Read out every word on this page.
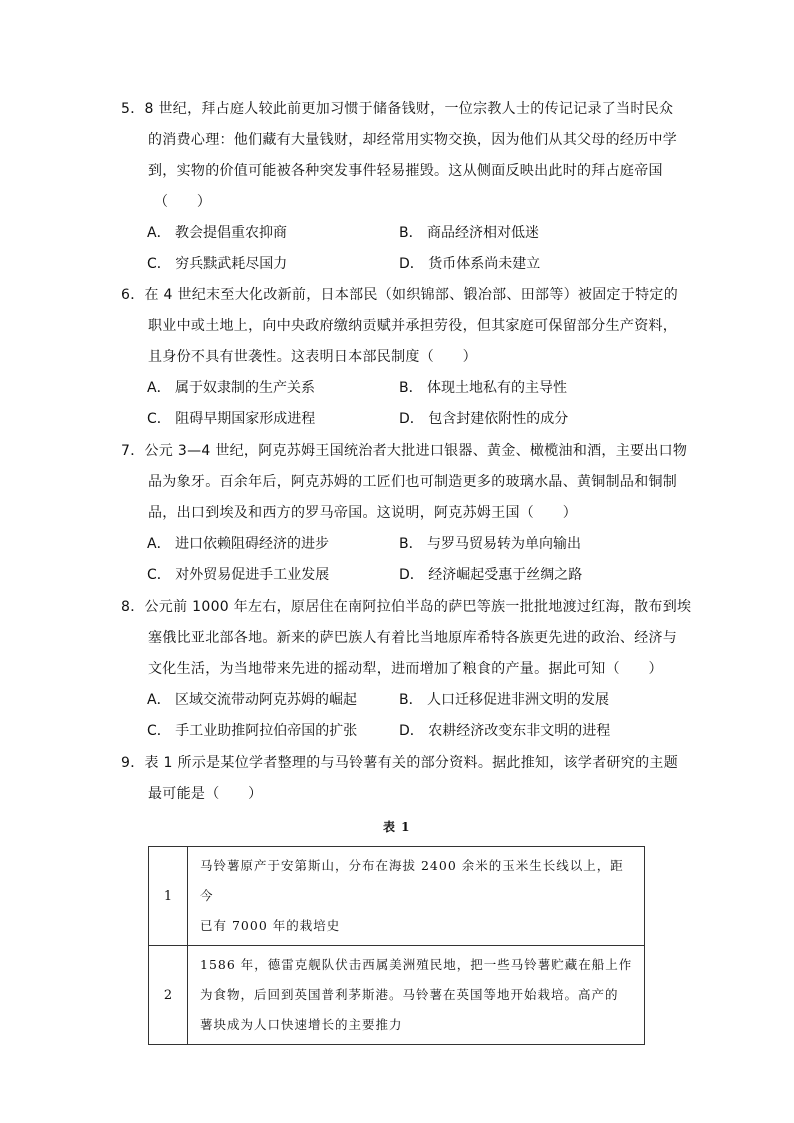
5．8 世纪，拜占庭人较此前更加习惯于储备钱财，一位宗教人士的传记记录了当时民众
的消费心理：他们藏有大量钱财，却经常用实物交换，因为他们从其父母的经历中学
到，实物的价值可能被各种突发事件轻易摧毁。这从侧面反映出此时的拜占庭帝国
（　　）
A． 教会提倡重农抑商	B． 商品经济相对低迷
C． 穷兵黩武耗尽国力	D． 货币体系尚未建立
6．在 4 世纪末至大化改新前，日本部民（如织锦部、锻冶部、田部等）被固定于特定的
职业中或土地上，向中央政府缴纳贡赋并承担劳役，但其家庭可保留部分生产资料，
且身份不具有世袭性。这表明日本部民制度（　　）
A． 属于奴隶制的生产关系	B． 体现土地私有的主导性
C． 阻碍早期国家形成进程	D． 包含封建依附性的成分
7．公元 3—4 世纪，阿克苏姆王国统治者大批进口银器、黄金、橄榄油和酒，主要出口物
品为象牙。百余年后，阿克苏姆的工匠们也可制造更多的玻璃水晶、黄铜制品和铜制
品，出口到埃及和西方的罗马帝国。这说明，阿克苏姆王国（　　）
A． 进口依赖阻碍经济的进步	B． 与罗马贸易转为单向输出
C． 对外贸易促进手工业发展	D． 经济崛起受惠于丝绸之路
8．公元前 1000 年左右，原居住在南阿拉伯半岛的萨巴等族一批批地渡过红海，散布到埃
塞俄比亚北部各地。新来的萨巴族人有着比当地原库希特各族更先进的政治、经济与
文化生活，为当地带来先进的摇动犁，进而增加了粮食的产量。据此可知（　　）
A． 区域交流带动阿克苏姆的崛起	B． 人口迁移促进非洲文明的发展
C． 手工业助推阿拉伯帝国的扩张	D． 农耕经济改变东非文明的进程
9．表 1 所示是某位学者整理的与马铃薯有关的部分资料。据此推知，该学者研究的主题
最可能是（　　）
表 1
1	马铃薯原产于安第斯山，分布在海拔 2400 余米的玉米生长线以上，距今
已有 7000 年的栽培史

2	1586 年，德雷克舰队伏击西属美洲殖民地，把一些马铃薯贮藏在船上作
为食物，后回到英国普利茅斯港。马铃薯在英国等地开始栽培。高产的
薯块成为人口快速增长的主要推力
